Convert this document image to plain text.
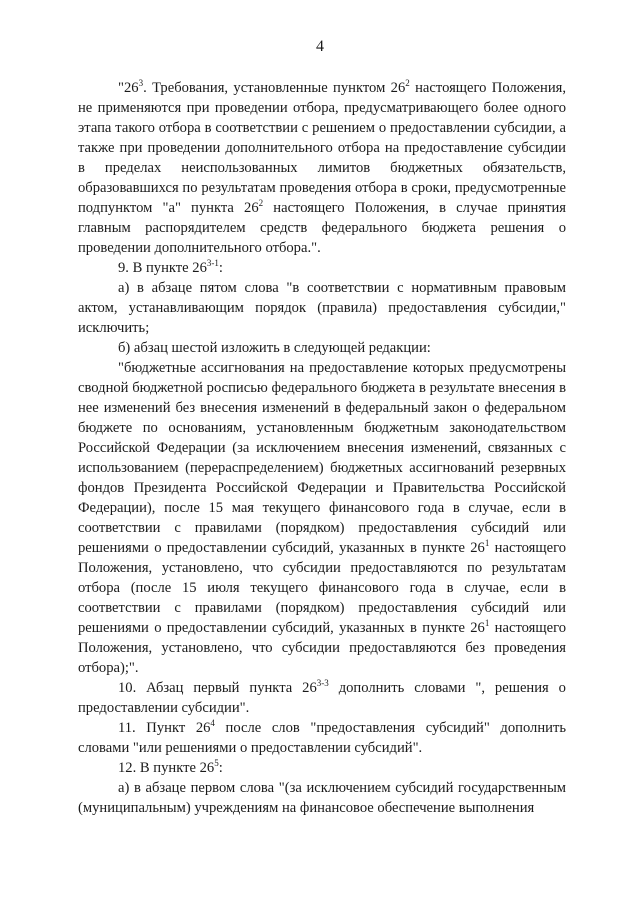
4

"$26^3$. Требования, установленные пунктом $26^2$ настоящего Положения, не применяются при проведении отбора, предусматривающего более одного этапа такого отбора в соответствии с решением о предоставлении субсидии, а также при проведении дополнительного отбора на предоставление субсидии в пределах неиспользованных лимитов бюджетных обязательств, образовавшихся по результатам проведения отбора в сроки, предусмотренные подпунктом "а" пункта $26^2$ настоящего Положения, в случае принятия главным распорядителем средств федерального бюджета решения о проведении дополнительного отбора.".

9. В пункте 26$^{3-1}$:

а) в абзаце пятом слова "в соответствии с нормативным правовым актом, устанавливающим порядок (правила) предоставления субсидии," исключить;

б) абзац шестой изложить в следующей редакции:

"бюджетные ассигнования на предоставление которых предусмотрены сводной бюджетной росписью федерального бюджета в результате внесения в нее изменений без внесения изменений в федеральный закон о федеральном бюджете по основаниям, установленным бюджетным законодательством Российской Федерации (за исключением внесения изменений, связанных с использованием (перераспределением) бюджетных ассигнований резервных фондов Президента Российской Федерации и Правительства Российской Федерации), после 15 мая текущего финансового года в случае, если в соответствии с правилами (порядком) предоставления субсидий или решениями о предоставлении субсидий, указанных в пункте $26^1$ настоящего Положения, установлено, что субсидии предоставляются по результатам отбора (после 15 июля текущего финансового года в случае, если в соответствии с правилами (порядком) предоставления субсидий или решениями о предоставлении субсидий, указанных в пункте $26^1$ настоящего Положения, установлено, что субсидии предоставляются без проведения отбора);".

10. Абзац первый пункта 26$^{3-3}$ дополнить словами ", решения о предоставлении субсидии".

11. Пункт $26^4$ после слов "предоставления субсидий" дополнить словами "или решениями о предоставлении субсидий".

12. В пункте $26^5$:

а) в абзаце первом слова "(за исключением субсидий государственным (муниципальным) учреждениям на финансовое обеспечение выполнения
